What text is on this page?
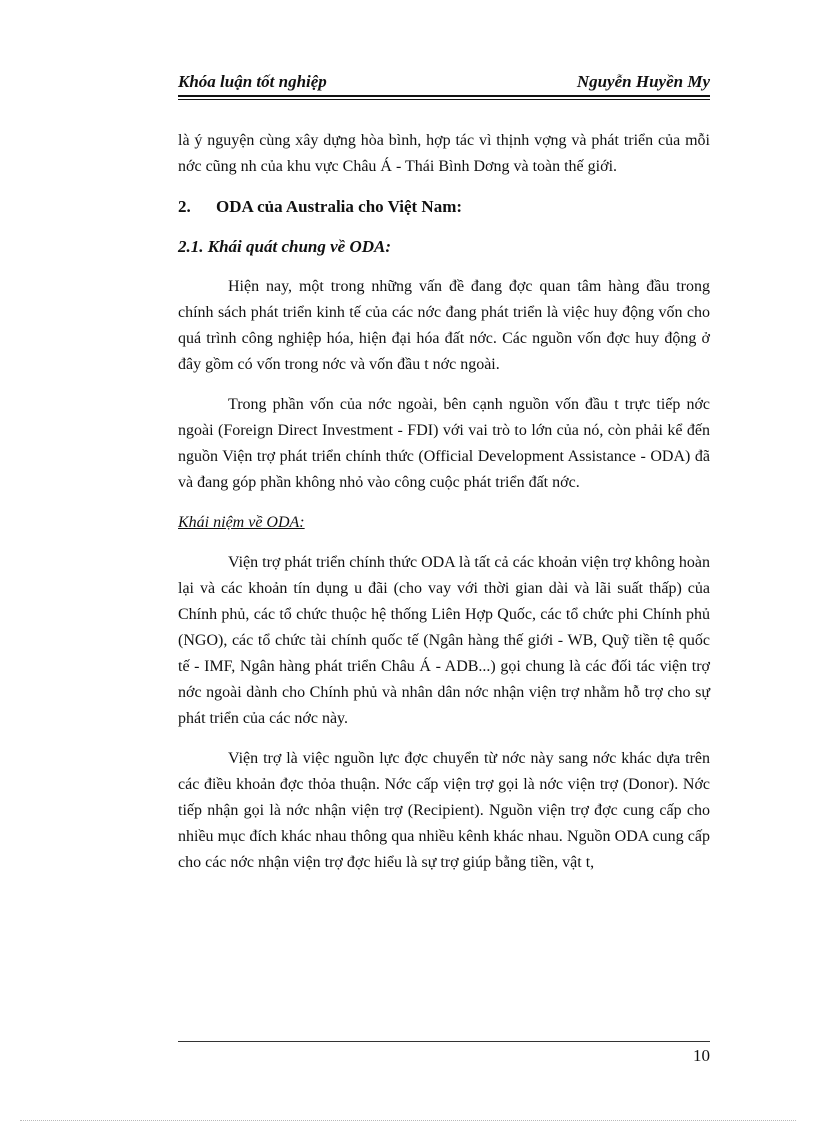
Khóa luận tốt nghiệp	Nguyễn Huyền My

là ý nguyện cùng xây dựng hòa bình, hợp tác vì thịnh vợng và phát triển của mỗi nớc cũng nh của khu vực Châu Á - Thái Bình Dơng và toàn thế giới.

2. ODA của Australia cho Việt Nam:

2.1. Khái quát chung về ODA:

Hiện nay, một trong những vấn đề đang đợc quan tâm hàng đầu trong chính sách phát triển kinh tế của các nớc đang phát triển là việc huy động vốn cho quá trình công nghiệp hóa, hiện đại hóa đất nớc. Các nguồn vốn đợc huy động ở đây gồm có vốn trong nớc và vốn đầu t nớc ngoài.

Trong phần vốn của nớc ngoài, bên cạnh nguồn vốn đầu t trực tiếp nớc ngoài (Foreign Direct Investment - FDI) với vai trò to lớn của nó, còn phải kể đến nguồn Viện trợ phát triển chính thức (Official Development Assistance - ODA) đã và đang góp phần không nhỏ vào công cuộc phát triển đất nớc.

Khái niệm về ODA:

Viện trợ phát triển chính thức ODA là tất cả các khoản viện trợ không hoàn lại và các khoản tín dụng u đãi (cho vay với thời gian dài và lãi suất thấp) của Chính phủ, các tổ chức thuộc hệ thống Liên Hợp Quốc, các tổ chức phi Chính phủ (NGO), các tổ chức tài chính quốc tế (Ngân hàng thế giới - WB, Quỹ tiền tệ quốc tế - IMF, Ngân hàng phát triển Châu Á - ADB...) gọi chung là các đối tác viện trợ nớc ngoài dành cho Chính phủ và nhân dân nớc nhận viện trợ nhằm hỗ trợ cho sự phát triển của các nớc này.

Viện trợ là việc nguồn lực đợc chuyển từ nớc này sang nớc khác dựa trên các điều khoản đợc thỏa thuận. Nớc cấp viện trợ gọi là nớc viện trợ (Donor). Nớc tiếp nhận gọi là nớc nhận viện trợ (Recipient). Nguồn viện trợ đợc cung cấp cho nhiều mục đích khác nhau thông qua nhiều kênh khác nhau. Nguồn ODA cung cấp cho các nớc nhận viện trợ đợc hiểu là sự trợ giúp bằng tiền, vật t,

10
